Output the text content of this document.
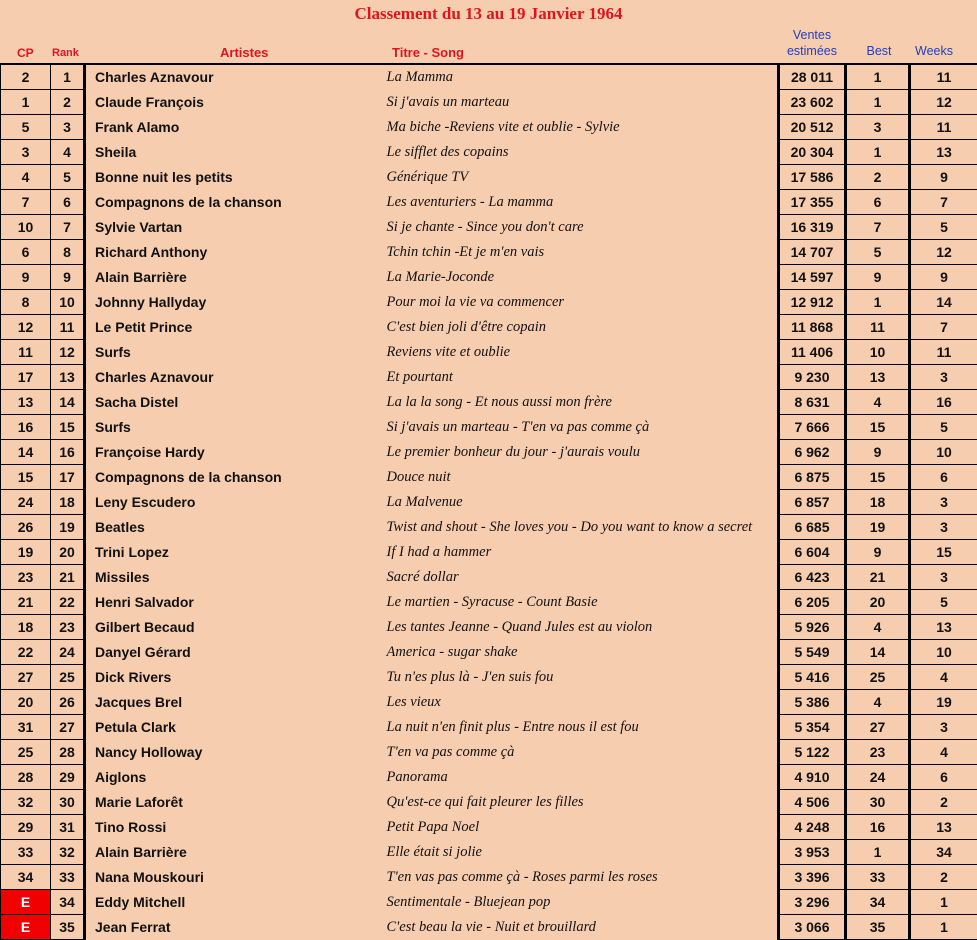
Classement du 13 au 19 Janvier 1964
CP Rank	Artistes	Titre - Song
Ventes
estimées	Best	Weeks
2	1	Charles Aznavour	La Mamma	28 011	1	11
1	2	Claude François	Si j'avais un marteau	23 602	1	12
5	3	Frank Alamo	Ma biche -Reviens vite et oublie - Sylvie	20 512	3	11
3	4	Sheila	Le sifflet des copains	20 304	1	13
4	5	Bonne nuit les petits	Générique TV	17 586	2	9
7	6	Compagnons de la chanson	Les aventuriers - La mamma	17 355	6	7
10	7	Sylvie Vartan	Si je chante - Since you don't care	16 319	7	5
6	8	Richard Anthony	Tchin tchin -Et je m'en vais	14 707	5	12
9	9	Alain Barrière	La Marie-Joconde	14 597	9	9
8	10	Johnny Hallyday	Pour moi la vie va commencer	12 912	1	14
12	11	Le Petit Prince	C'est bien joli d'être copain	11 868	11	7
11	12	Surfs	Reviens vite et oublie	11 406	10	11
17	13	Charles Aznavour	Et pourtant	9 230	13	3
13	14	Sacha Distel	La la la song - Et nous aussi mon frère	8 631	4	16
16	15	Surfs	Si j'avais un marteau - T'en va pas comme çà	7 666	15	5
14	16	Françoise Hardy	Le premier bonheur du jour - j'aurais voulu	6 962	9	10
15	17	Compagnons de la chanson	Douce nuit	6 875	15	6
24	18	Leny Escudero	La Malvenue	6 857	18	3
26	19	Beatles	Twist and shout - She loves you - Do you want to know a secret	6 685	19	3
19	20	Trini Lopez	If I had a hammer	6 604	9	15
23	21	Missiles	Sacré dollar	6 423	21	3
21	22	Henri Salvador	Le martien - Syracuse - Count Basie	6 205	20	5
18	23	Gilbert Becaud	Les tantes Jeanne - Quand Jules est au violon	5 926	4	13
22	24	Danyel Gérard	America - sugar shake	5 549	14	10
27	25	Dick Rivers	Tu n'es plus là - J'en suis fou	5 416	25	4
20	26	Jacques Brel	Les vieux	5 386	4	19
31	27	Petula Clark	La nuit n'en finit plus - Entre nous il est fou	5 354	27	3
25	28	Nancy Holloway	T'en va pas comme çà	5 122	23	4
28	29	Aiglons	Panorama	4 910	24	6
32	30	Marie Laforêt	Qu'est-ce qui fait pleurer les filles	4 506	30	2
29	31	Tino Rossi	Petit Papa Noel	4 248	16	13
33	32	Alain Barrière	Elle était si jolie	3 953	1	34
34	33	Nana Mouskouri	T'en vas pas comme çà - Roses parmi les roses	3 396	33	2
E	34	Eddy Mitchell	Sentimentale - Bluejean pop	3 296	34	1
E	35	Jean Ferrat	C'est beau la vie - Nuit et brouillard	3 066	35	1
